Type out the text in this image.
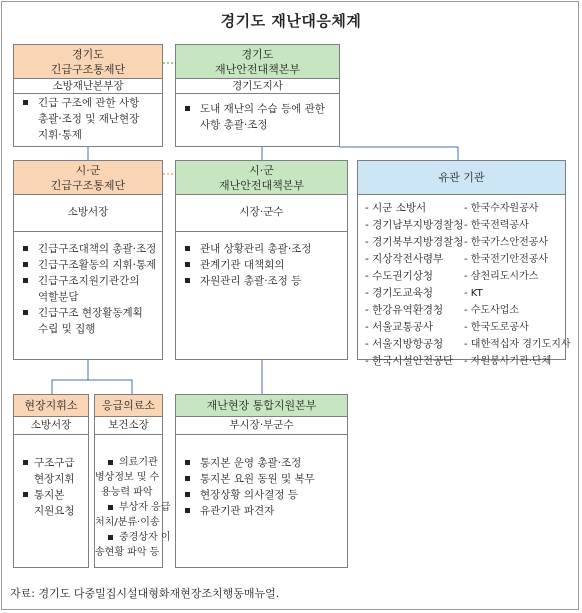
경기도 재난대응체계
경기도
긴급구조통제단
소방재난본부장
긴급 구조에 관한 사항
총괄·조정 및 재난현장
지휘·통제
경기도
재난안전대책본부
경기도지사
도내 재난의 수습 등에 관한
사항 총괄·조정
시·군
긴급구조통제단
소방서장
긴급구조대책의 총괄·조정
긴급구조활동의 지휘·통제
긴급구조지원기관간의
역할분담
긴급구조 현장활동계획
수립 및 집행
시·군
재난안전대책본부
시장·군수
관내 상황관리 총괄·조정
관계기관 대책회의
자원관리 총괄·조정 등
유관 기관
- 시군 소방서
- 경기남부지방경찰청
- 경기북부지방경찰청
- 지상작전사령부
- 수도권기상청
- 경기도교육청
- 한강유역환경청
- 서울교통공사
- 서울지방항공청
- 한국시설안전공단
- 한국수자원공사
- 한국전력공사
- 한국가스안전공사
- 한국전기안전공사
- 삼천리도시가스
- KT
- 수도사업소
- 한국도로공사
- 대한적십자 경기도지사
- 자원봉사기관·단체
현장지휘소
소방서장
구조구급
현장지휘
통지본
지원요청
응급의료소
보건소장
의료기관
병상정보 및 수
용능력 파악
부상자 응급
처치/분류·이송
중경상자 이
송현황 파악 등
재난현장 통합지원본부
부시장·부군수
통지본 운영 총괄·조정
통지본 요원 동원 및 복무
현장상황 의사결정 등
유관기관 파견자
자료: 경기도 다중밀집시설대형화재현장조치행동매뉴얼.
